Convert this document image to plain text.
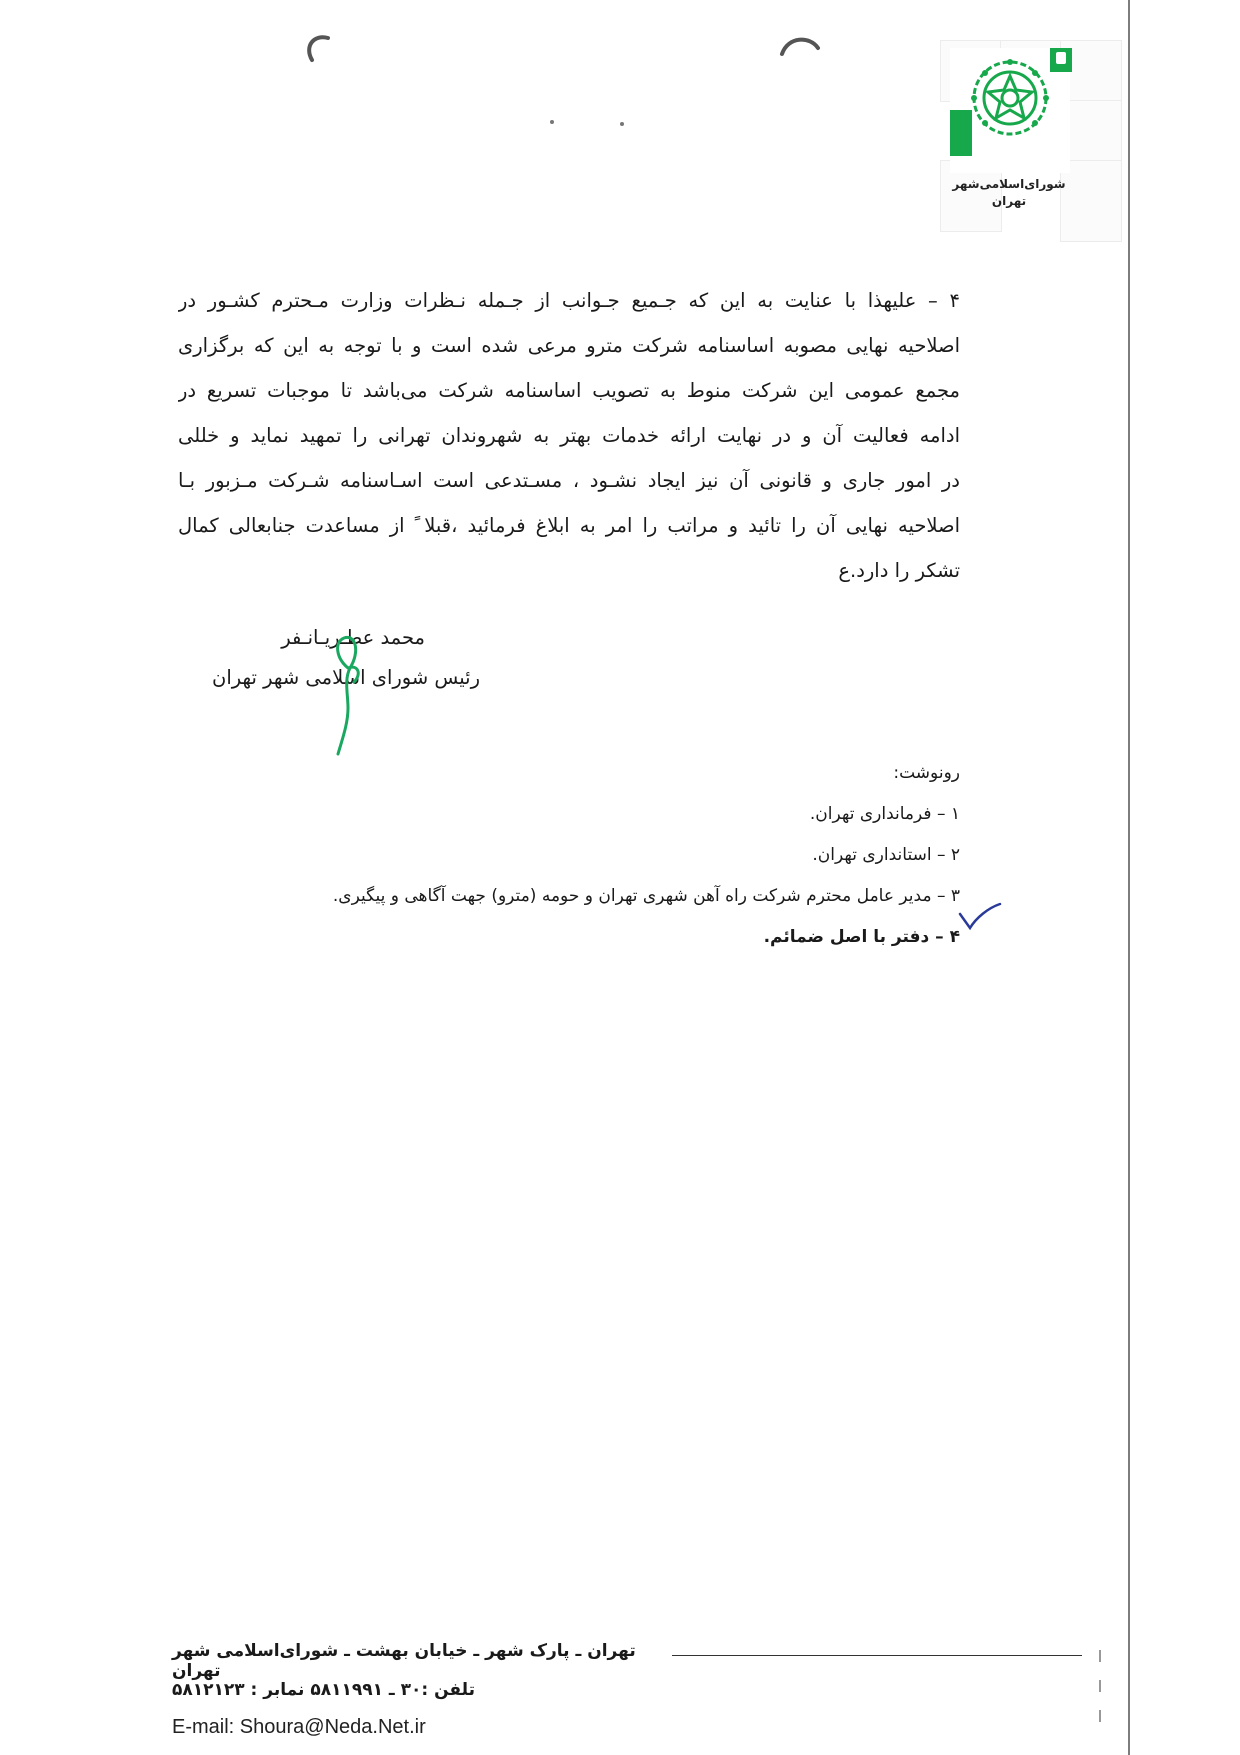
شورای‌اسلامی‌شهر
تهران
۴ – علیهذا با عنایت به این که جـمیع جـوانب از جـمله نـظرات وزارت مـحترم کشـور در
اصلاحیه نهایی مصوبه اساسنامه شرکت مترو مرعی شده است و با توجه به این که برگزاری
مجمع عمومی این شرکت منوط به تصویب اساسنامه شرکت می‌باشد تا موجبات تسریع در
ادامه فعالیت آن و در نهایت ارائه خدمات بهتر به شهروندان تهرانی را تمهید نماید و خللی
در امور جاری و قانونی آن نیز ایجاد نشـود ، مسـتدعی است اسـاسنامه شـرکت مـزبور بـا
اصلاحیه نهایی آن را تائید و مراتب را امر به ابلاغ فرمائید ،قبلا ً از مساعدت جنابعالی کمال
تشکر را دارد.ع
محمد عطـریـانـفر
رئیس شورای اسلامی شهر تهران
رونوشت:
۱ – فرمانداری تهران.
۲ – استانداری تهران.
۳ – مدیر عامل محترم شرکت راه آهن شهری تهران و حومه (مترو) جهت آگاهی و پیگیری.
۴ – دفتر با اصل ضمائم.
تهران ـ پارک شهر ـ خیابان بهشت ـ شورای‌اسلامی شهر تهران
تلفن :۳۰ ـ ۵۸۱۱۹۹۱ نمابر : ۵۸۱۲۱۲۳
E-mail: Shoura@Neda.Net.ir
